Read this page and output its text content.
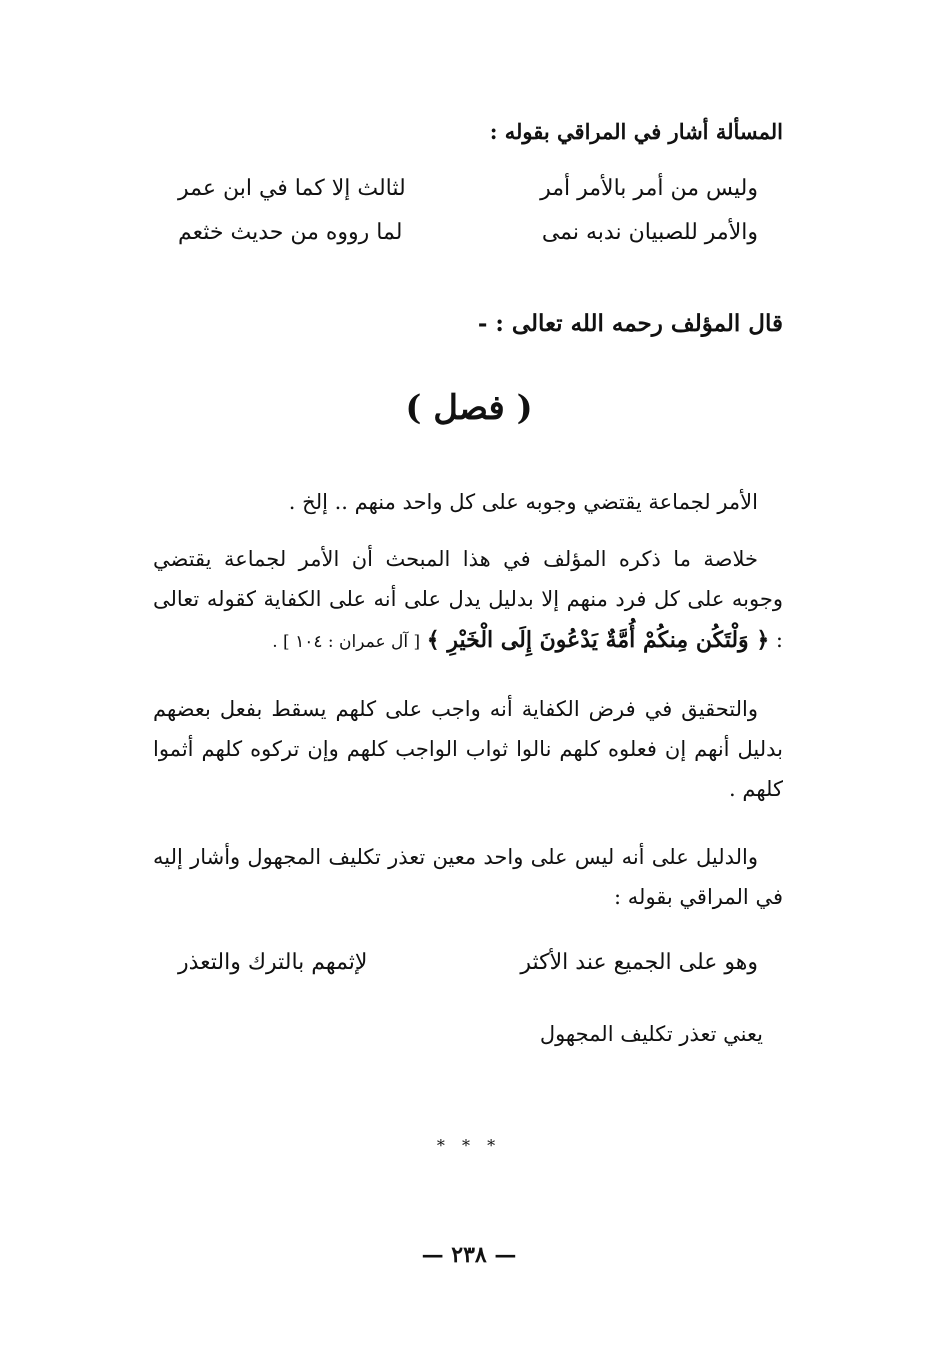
المسألة أشار في المراقي بقوله :
وليس من أمر بالأمر أمر
لثالث إلا كما في ابن عمر
والأمر للصبيان ندبه نمى
لما رووه من حديث خثعم
قال المؤلف رحمه الله تعالى : -
( فصل )
الأمر لجماعة يقتضي وجوبه على كل واحد منهم .. إلخ .
خلاصة ما ذكره المؤلف في هذا المبحث أن الأمر لجماعة يقتضي وجوبه على كل فرد منهم إلا بدليل يدل على أنه على الكفاية كقوله تعالى : ﴿ وَلْتَكُن مِنكُمْ أُمَّةٌ يَدْعُونَ إِلَى الْخَيْرِ ﴾ [ آل عمران : ١٠٤ ] .
والتحقيق في فرض الكفاية أنه واجب على كلهم يسقط بفعل بعضهم بدليل أنهم إن فعلوه كلهم نالوا ثواب الواجب كلهم وإن تركوه كلهم أثموا كلهم .
والدليل على أنه ليس على واحد معين تعذر تكليف المجهول وأشار إليه في المراقي بقوله :
وهو على الجميع عند الأكثر
لإثمهم بالترك والتعذر
يعني تعذر تكليف المجهول
* * *
— ٢٣٨ —
